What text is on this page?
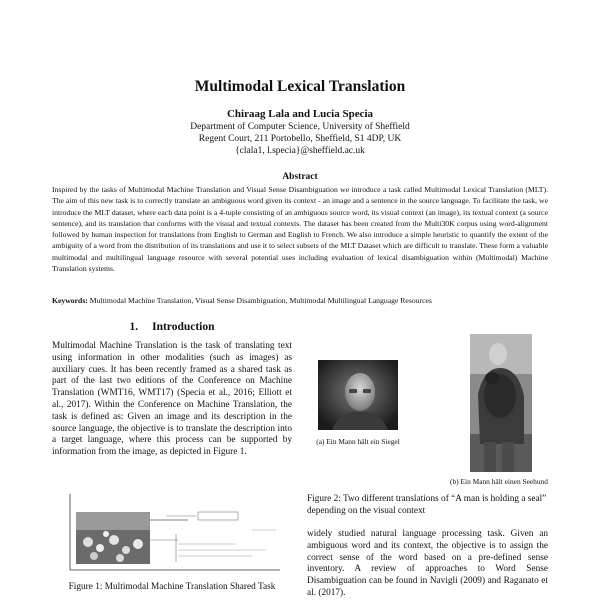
Multimodal Lexical Translation
Chiraag Lala and Lucia Specia
Department of Computer Science, University of Sheffield
Regent Court, 211 Portobello, Sheffield, S1 4DP, UK
{clala1, l.specia}@sheffield.ac.uk
Abstract
Inspired by the tasks of Multimodal Machine Translation and Visual Sense Disambiguation we introduce a task called Multimodal Lexical Translation (MLT). The aim of this new task is to correctly translate an ambiguous word given its context - an image and a sentence in the source language. To facilitate the task, we introduce the MLT dataset, where each data point is a 4-tuple consisting of an ambiguous source word, its visual context (an image), its textual context (a source sentence), and its translation that conforms with the visual and textual contexts. The dataset has been created from the Multi30K corpus using word-alignment followed by human inspection for translations from English to German and English to French. We also introduce a simple heuristic to quantify the extent of the ambiguity of a word from the distribution of its translations and use it to select subsets of the MLT Dataset which are difficult to translate. These form a valuable multimodal and multilingual language resource with several potential uses including evaluation of lexical disambiguation within (Multimodal) Machine Translation systems.
Keywords: Multimodal Machine Translation, Visual Sense Disambiguation, Multimodal Multilingual Language Resources
1. Introduction
Multimodal Machine Translation is the task of translating text using information in other modalities (such as images) as auxiliary cues. It has been recently framed as a shared task as part of the last two editions of the Conference on Machine Translation (WMT16, WMT17) (Specia et al., 2016; Elliott et al., 2017). Within the Conference on Machine Translation, the task is defined as: Given an image and its description in the source language, the objective is to translate the description into a target language, where this process can be supported by information from the image, as depicted in Figure 1.
Figure 1: Multimodal Machine Translation Shared Task
(a) Ein Mann hält ein Siegel
(b) Ein Mann hält einen Seehund
Figure 2: Two different translations of “A man is holding a seal” depending on the visual context
widely studied natural language processing task. Given an ambiguous word and its context, the objective is to assign the correct sense of the word based on a pre-defined sense inventory. A review of approaches to Word Sense Disambiguation can be found in Navigli (2009) and Raganato et al. (2017).
